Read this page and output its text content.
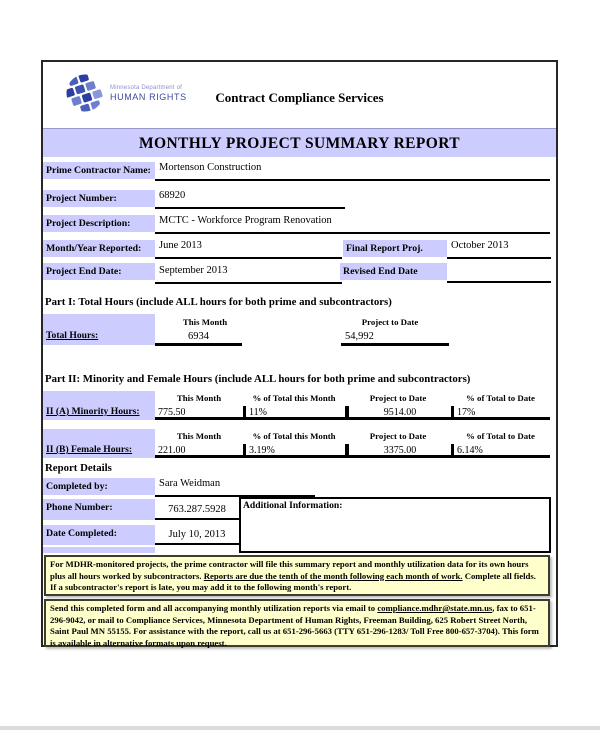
Minnesota Department of
HUMAN RIGHTS	Contract Compliance Services
MONTHLY PROJECT SUMMARY REPORT
Prime Contractor Name: Mortenson Construction
Project Number:	68920
Project Description:	MCTC - Workforce Program Renovation
Month/Year Reported:	June 2013	Final Report Proj.	October 2013
Project End Date:	September 2013	Revised End Date
Part I: Total Hours (include ALL hours for both prime and subcontractors)
Total Hours:
This Month	Project to Date
6934	54,992
Part II: Minority and Female Hours (include ALL hours for both prime and subcontractors)
II (A) Minority Hours:
This Month	% of Total this Month	Project to Date	% of Total to Date
775.50	11%	9514.00	17%
II (B) Female Hours:
This Month	% of Total this Month	Project to Date	% of Total to Date
221.00	3.19%	3375.00	6.14%
Report Details
Completed by:	Sara Weidman
Phone Number:	763.287.5928
Date Completed:	July 10, 2013
Additional Information:
For MDHR-monitored projects, the prime contractor will file this summary report and monthly utilization data for its own hours plus all hours worked by subcontractors. Reports are due the tenth of the month following each month of work. Complete all fields. If a subcontractor's report is late, you may add it to the following month's report.
Send this completed form and all accompanying monthly utilization reports via email to compliance.mdhr@state.mn.us, fax to 651-296-9042, or mail to Compliance Services, Minnesota Department of Human Rights, Freeman Building, 625 Robert Street North, Saint Paul MN 55155. For assistance with the report, call us at 651-296-5663 (TTY 651-296-1283/ Toll Free 800-657-3704). This form is available in alternative formats upon request.
